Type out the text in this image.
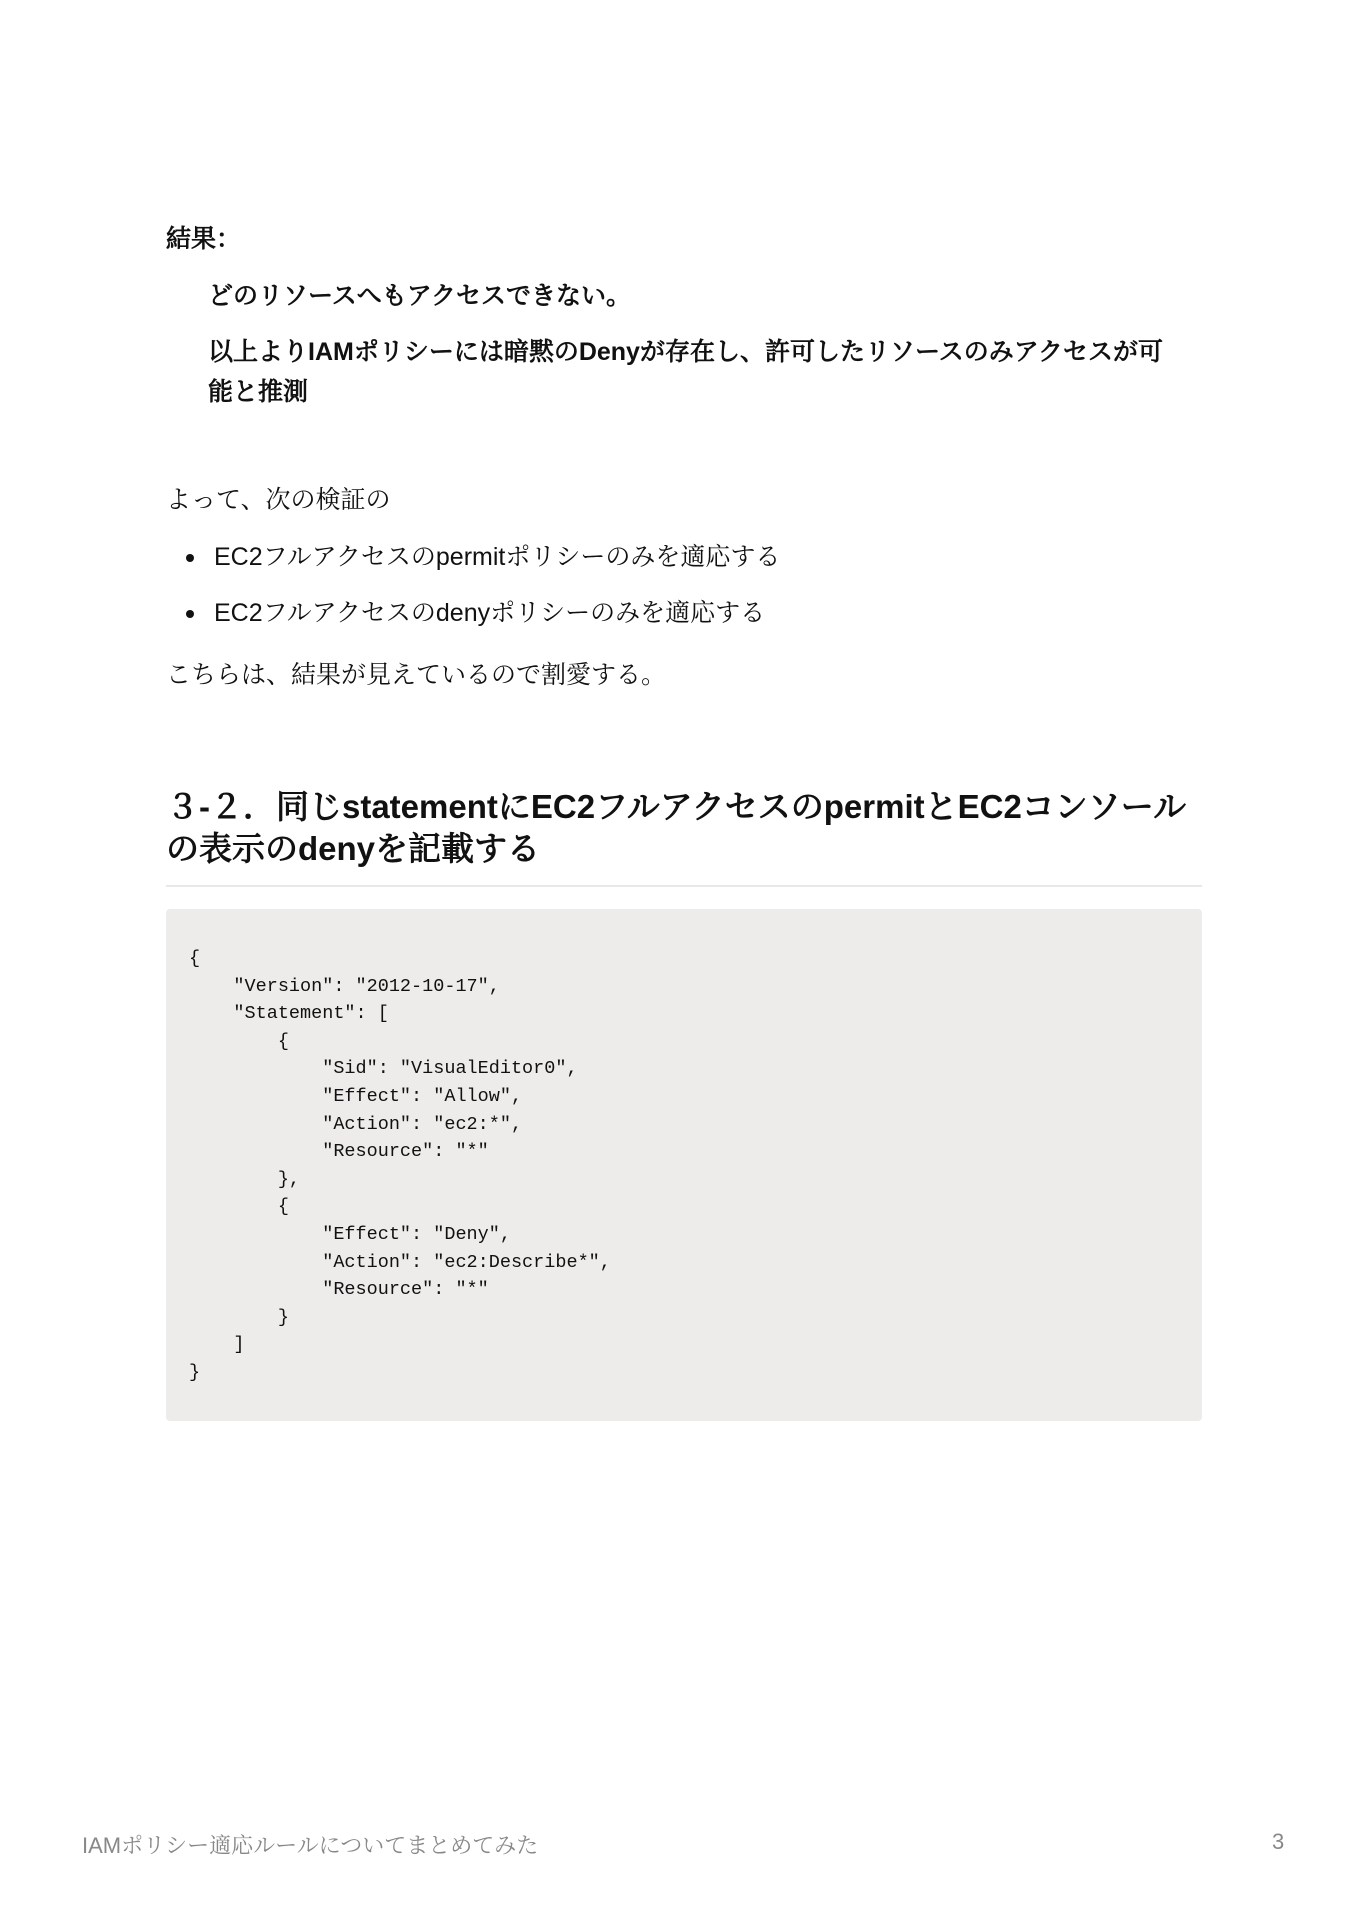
結果：

どのリソースへもアクセスできない。

以上よりIAMポリシーには暗黙のDenyが存在し、許可したリソースのみアクセスが可能と推測

よって、次の検証の
EC2フルアクセスのpermitポリシーのみを適応する
EC2フルアクセスのdenyポリシーのみを適応する
こちらは、結果が見えているので割愛する。
３-２．同じstatementにEC2フルアクセスのpermitとEC2コンソールの表示のdenyを記載する
{
"Version": "2012-10-17",
"Statement": [
{
"Sid": "VisualEditor0",
"Effect": "Allow",
"Action": "ec2:*",
"Resource": "*"
},
{
"Effect": "Deny",
"Action": "ec2:Describe*",
"Resource": "*"
}
]
}
IAMポリシー適応ルールについてまとめてみた	3
